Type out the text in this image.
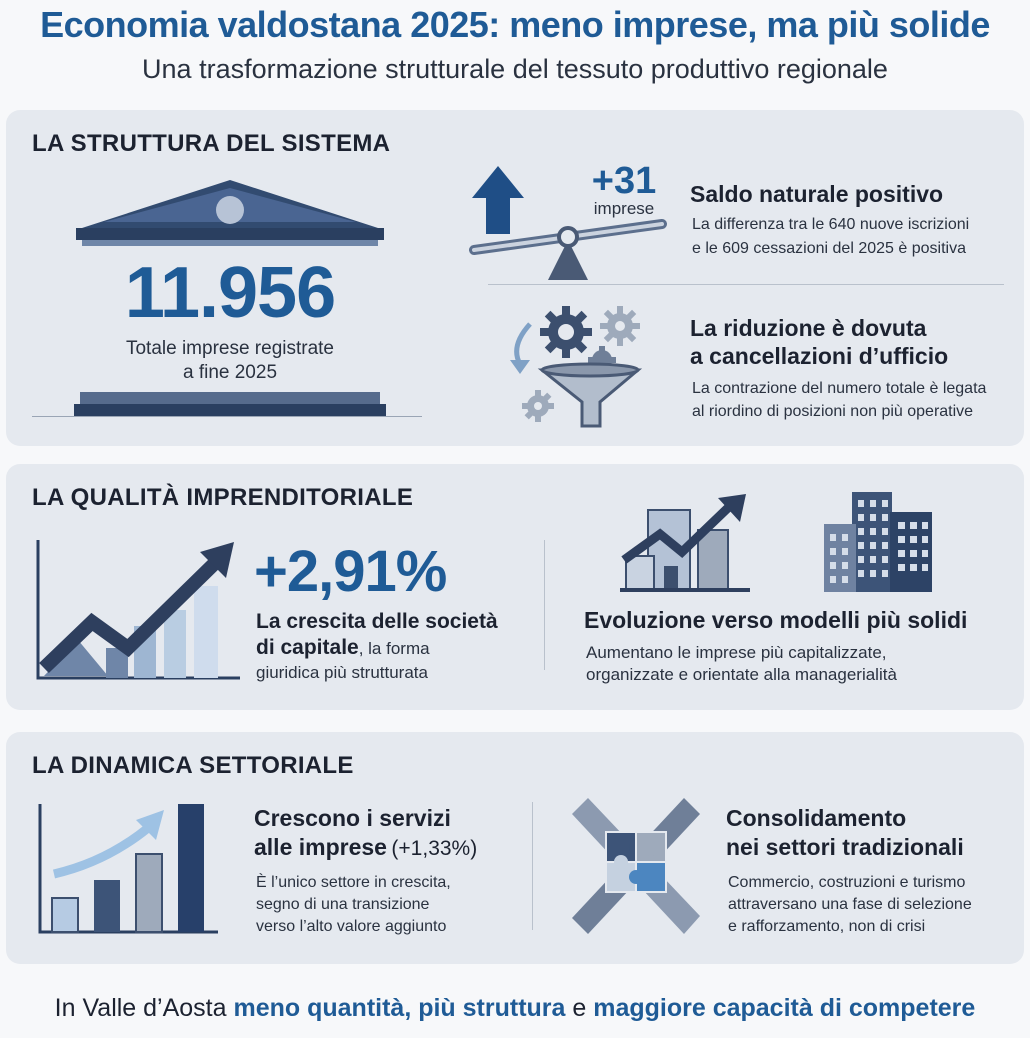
Economia valdostana 2025: meno imprese, ma più solide
Una trasformazione strutturale del tessuto produttivo regionale
LA STRUTTURA DEL SISTEMA
11.956
Totale imprese registrate
a fine 2025
+31
imprese
Saldo naturale positivo
La differenza tra le 640 nuove iscrizioni
e le 609 cessazioni del 2025 è positiva
La riduzione è dovuta
a cancellazioni d’ufficio
La contrazione del numero totale è legata
al riordino di posizioni non più operative
LA QUALITÀ IMPRENDITORIALE
+2,91%
La crescita delle società
di capitale, la forma
giuridica più strutturata
Evoluzione verso modelli più solidi
Aumentano le imprese più capitalizzate,
organizzate e orientate alla managerialità
LA DINAMICA SETTORIALE
Crescono i servizi
alle imprese (+1,33%)
È l’unico settore in crescita,
segno di una transizione
verso l’alto valore aggiunto
Consolidamento
nei settori tradizionali
Commercio, costruzioni e turismo
attraversano una fase di selezione
e rafforzamento, non di crisi
In Valle d’Aosta meno quantità, più struttura e maggiore capacità di competere
